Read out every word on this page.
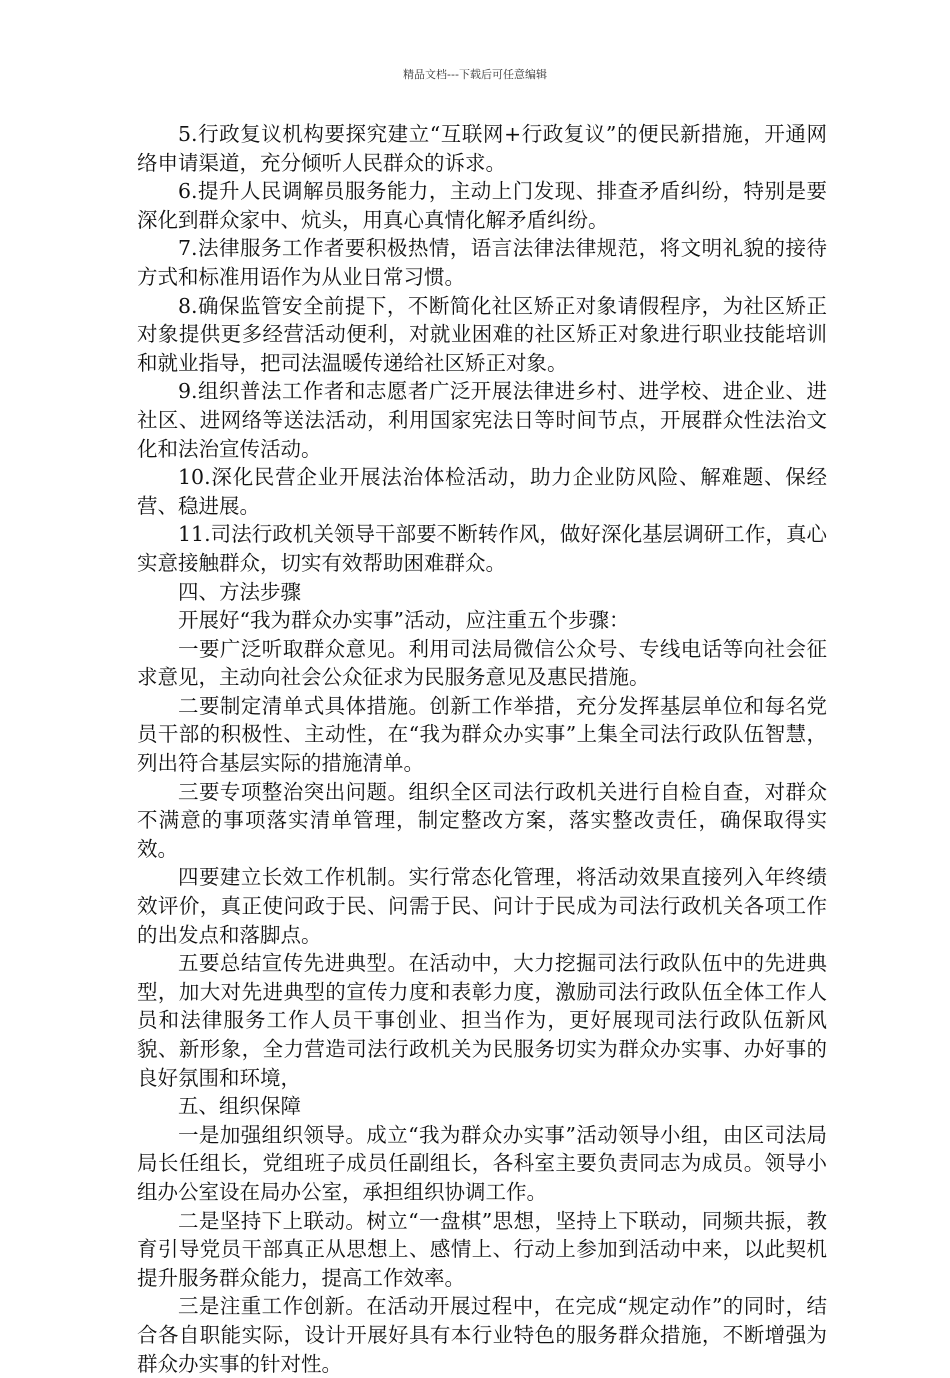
精品文档---下载后可任意编辑

5.行政复议机构要探究建立“互联网+行政复议”的便民新措施，开通网络申请渠道，充分倾听人民群众的诉求。

6.提升人民调解员服务能力，主动上门发现、排查矛盾纠纷，特别是要深化到群众家中、炕头，用真心真情化解矛盾纠纷。

7.法律服务工作者要积极热情，语言法律法律规范，将文明礼貌的接待方式和标准用语作为从业日常习惯。

8.确保监管安全前提下，不断简化社区矫正对象请假程序，为社区矫正对象提供更多经营活动便利，对就业困难的社区矫正对象进行职业技能培训和就业指导，把司法温暖传递给社区矫正对象。

9.组织普法工作者和志愿者广泛开展法律进乡村、进学校、进企业、进社区、进网络等送法活动，利用国家宪法日等时间节点，开展群众性法治文化和法治宣传活动。

10.深化民营企业开展法治体检活动，助力企业防风险、解难题、保经营、稳进展。

11.司法行政机关领导干部要不断转作风，做好深化基层调研工作，真心实意接触群众，切实有效帮助困难群众。

四、方法步骤

开展好“我为群众办实事”活动，应注重五个步骤：

一要广泛听取群众意见。利用司法局微信公众号、专线电话等向社会征求意见，主动向社会公众征求为民服务意见及惠民措施。

二要制定清单式具体措施。创新工作举措，充分发挥基层单位和每名党员干部的积极性、主动性，在“我为群众办实事”上集全司法行政队伍智慧，列出符合基层实际的措施清单。

三要专项整治突出问题。组织全区司法行政机关进行自检自查，对群众不满意的事项落实清单管理，制定整改方案，落实整改责任，确保取得实效。

四要建立长效工作机制。实行常态化管理，将活动效果直接列入年终绩效评价，真正使问政于民、问需于民、问计于民成为司法行政机关各项工作的出发点和落脚点。

五要总结宣传先进典型。在活动中，大力挖掘司法行政队伍中的先进典型，加大对先进典型的宣传力度和表彰力度，激励司法行政队伍全体工作人员和法律服务工作人员干事创业、担当作为，更好展现司法行政队伍新风貌、新形象，全力营造司法行政机关为民服务切实为群众办实事、办好事的良好氛围和环境，

五、组织保障

一是加强组织领导。成立“我为群众办实事”活动领导小组，由区司法局局长任组长，党组班子成员任副组长，各科室主要负责同志为成员。领导小组办公室设在局办公室，承担组织协调工作。

二是坚持下上联动。树立“一盘棋”思想，坚持上下联动，同频共振，教育引导党员干部真正从思想上、感情上、行动上参加到活动中来，以此契机提升服务群众能力，提高工作效率。

三是注重工作创新。在活动开展过程中，在完成“规定动作”的同时，结合各自职能实际，设计开展好具有本行业特色的服务群众措施，不断增强为群众办实事的针对性。
